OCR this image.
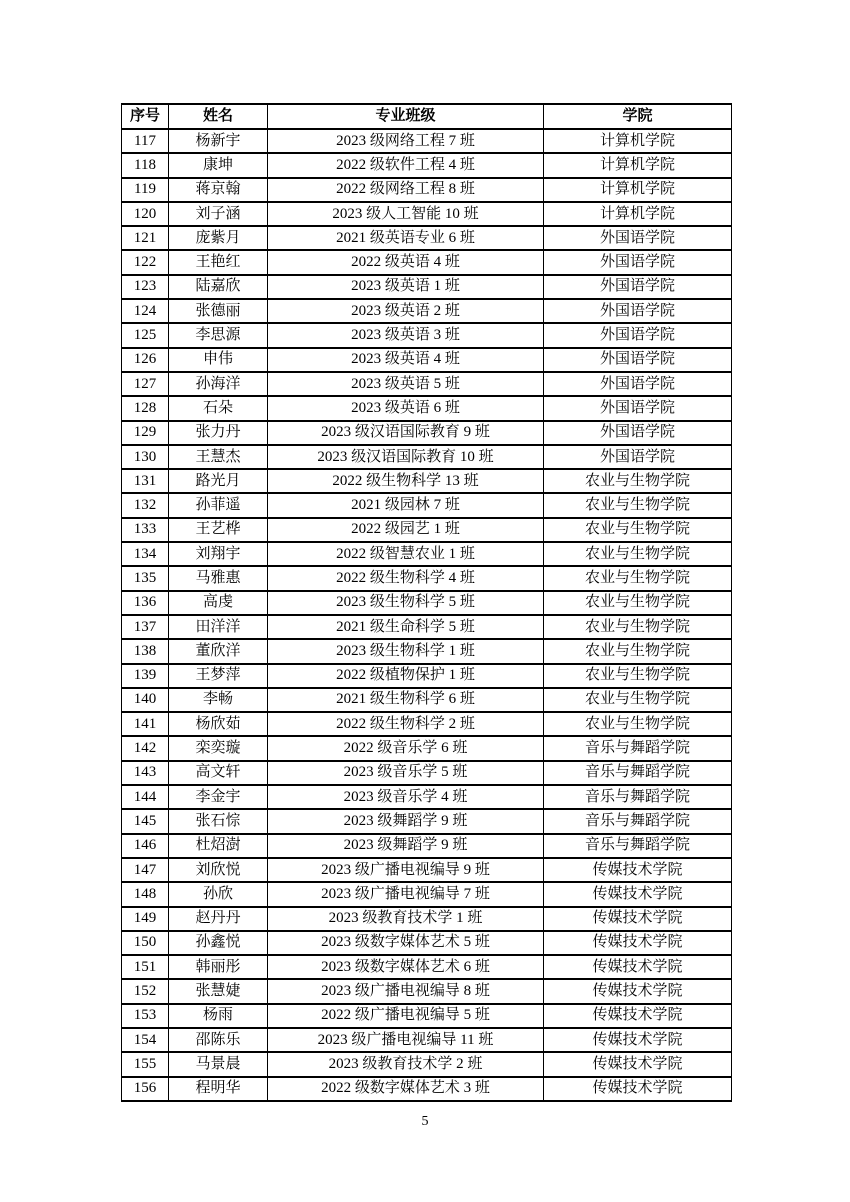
序号	姓名	专业班级	学院
117	杨新宇	2023 级网络工程 7 班	计算机学院
118	康坤	2022 级软件工程 4 班	计算机学院
119	蒋京翰	2022 级网络工程 8 班	计算机学院
120	刘子涵	2023 级人工智能 10 班	计算机学院
121	庞紫月	2021 级英语专业 6 班	外国语学院
122	王艳红	2022 级英语 4 班	外国语学院
123	陆嘉欣	2023 级英语 1 班	外国语学院
124	张德丽	2023 级英语 2 班	外国语学院
125	李思源	2023 级英语 3 班	外国语学院
126	申伟	2023 级英语 4 班	外国语学院
127	孙海洋	2023 级英语 5 班	外国语学院
128	石朵	2023 级英语 6 班	外国语学院
129	张力丹	2023 级汉语国际教育 9 班	外国语学院
130	王慧杰	2023 级汉语国际教育 10 班	外国语学院
131	路光月	2022 级生物科学 13 班	农业与生物学院
132	孙菲遥	2021 级园林 7 班	农业与生物学院
133	王艺桦	2022 级园艺 1 班	农业与生物学院
134	刘翔宇	2022 级智慧农业 1 班	农业与生物学院
135	马雅惠	2022 级生物科学 4 班	农业与生物学院
136	高虔	2023 级生物科学 5 班	农业与生物学院
137	田洋洋	2021 级生命科学 5 班	农业与生物学院
138	董欣洋	2023 级生物科学 1 班	农业与生物学院
139	王梦萍	2022 级植物保护 1 班	农业与生物学院
140	李畅	2021 级生物科学 6 班	农业与生物学院
141	杨欣茹	2022 级生物科学 2 班	农业与生物学院
142	栾奕璇	2022 级音乐学 6 班	音乐与舞蹈学院
143	高文轩	2023 级音乐学 5 班	音乐与舞蹈学院
144	李金宇	2023 级音乐学 4 班	音乐与舞蹈学院
145	张石悰	2023 级舞蹈学 9 班	音乐与舞蹈学院
146	杜炤澍	2023 级舞蹈学 9 班	音乐与舞蹈学院
147	刘欣悦	2023 级广播电视编导 9 班	传媒技术学院
148	孙欣	2023 级广播电视编导 7 班	传媒技术学院
149	赵丹丹	2023 级教育技术学 1 班	传媒技术学院
150	孙鑫悦	2023 级数字媒体艺术 5 班	传媒技术学院
151	韩丽彤	2023 级数字媒体艺术 6 班	传媒技术学院
152	张慧婕	2023 级广播电视编导 8 班	传媒技术学院
153	杨雨	2022 级广播电视编导 5 班	传媒技术学院
154	邵陈乐	2023 级广播电视编导 11 班	传媒技术学院
155	马景晨	2023 级教育技术学 2 班	传媒技术学院
156	程明华	2022 级数字媒体艺术 3 班	传媒技术学院
5
